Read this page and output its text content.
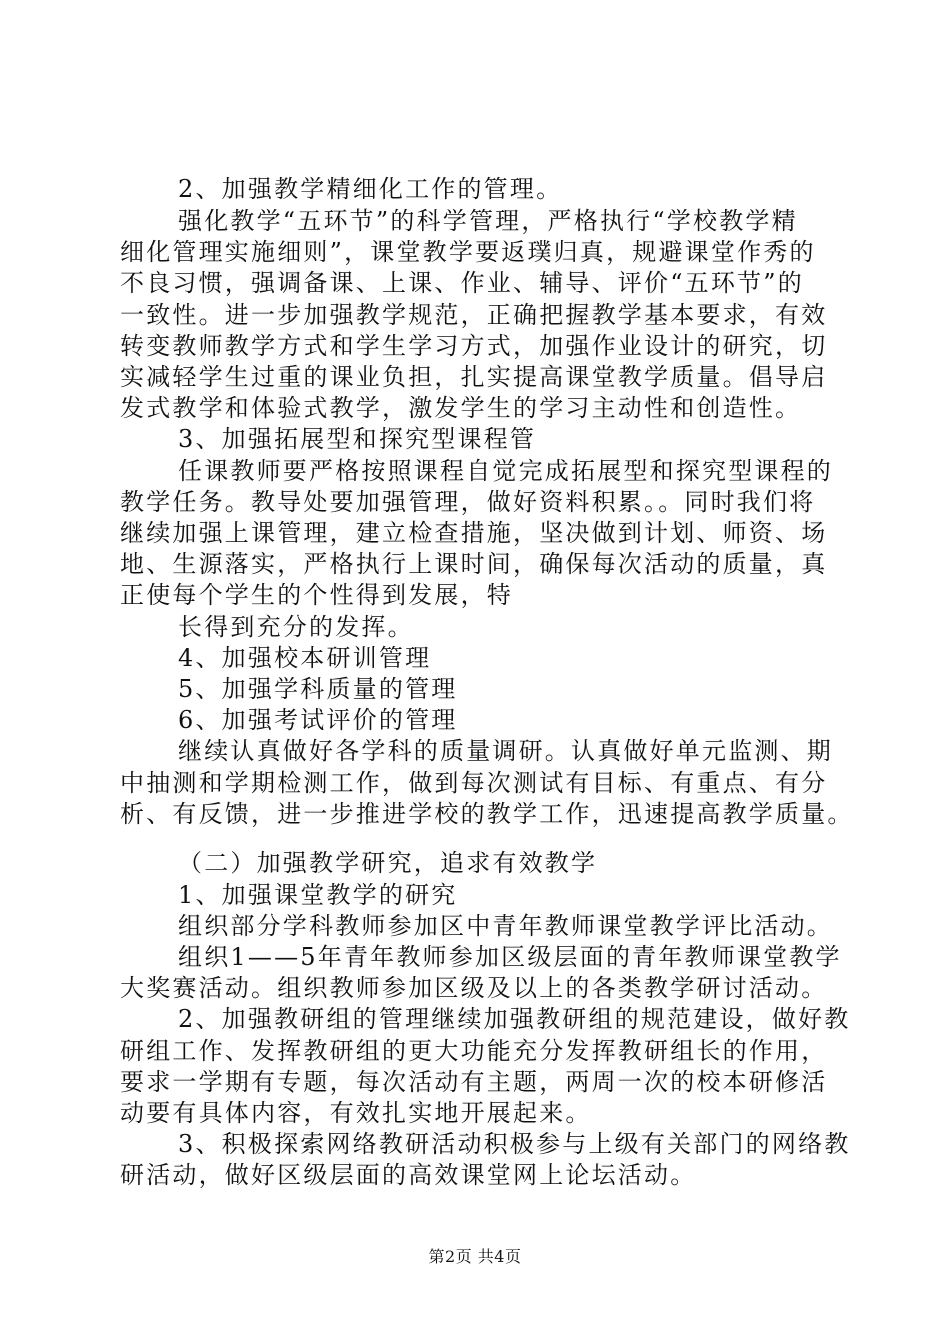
2、加强教学精细化工作的管理。
强化教学“五环节”的科学管理，严格执行“学校教学精
细化管理实施细则”，课堂教学要返璞归真，规避课堂作秀的
不良习惯，强调备课、上课、作业、辅导、评价“五环节”的
一致性。进一步加强教学规范，正确把握教学基本要求，有效
转变教师教学方式和学生学习方式，加强作业设计的研究，切
实减轻学生过重的课业负担，扎实提高课堂教学质量。倡导启
发式教学和体验式教学，激发学生的学习主动性和创造性。
3、加强拓展型和探究型课程管
任课教师要严格按照课程自觉完成拓展型和探究型课程的
教学任务。教导处要加强管理，做好资料积累。。同时我们将
继续加强上课管理，建立检查措施，坚决做到计划、师资、场
地、生源落实，严格执行上课时间，确保每次活动的质量，真
正使每个学生的个性得到发展，特
长得到充分的发挥。
4、加强校本研训管理
5、加强学科质量的管理
6、加强考试评价的管理
继续认真做好各学科的质量调研。认真做好单元监测、期
中抽测和学期检测工作，做到每次测试有目标、有重点、有分
析、有反馈，进一步推进学校的教学工作，迅速提高教学质量。
（二）加强教学研究，追求有效教学
1、加强课堂教学的研究
组织部分学科教师参加区中青年教师课堂教学评比活动。
组织1——5年青年教师参加区级层面的青年教师课堂教学
大奖赛活动。组织教师参加区级及以上的各类教学研讨活动。
2、加强教研组的管理继续加强教研组的规范建设，做好教
研组工作、发挥教研组的更大功能充分发挥教研组长的作用，
要求一学期有专题，每次活动有主题，两周一次的校本研修活
动要有具体内容，有效扎实地开展起来。
3、积极探索网络教研活动积极参与上级有关部门的网络教
研活动，做好区级层面的高效课堂网上论坛活动。
第2页 共4页
